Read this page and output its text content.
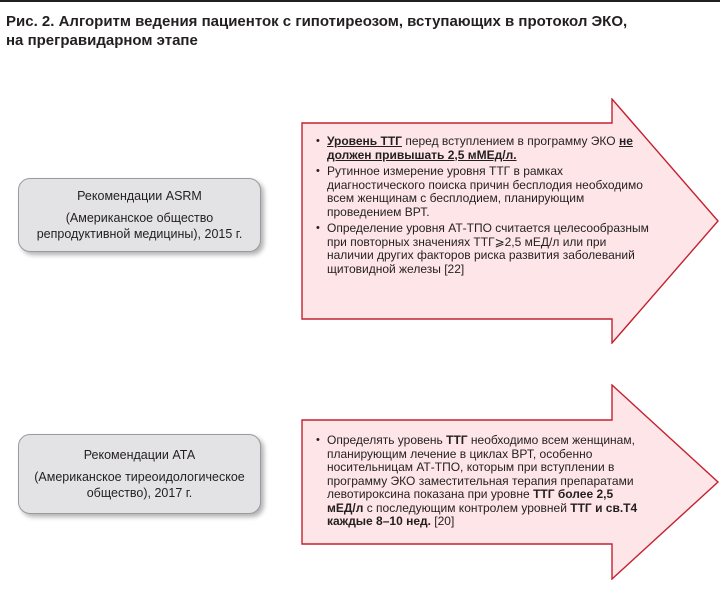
Рис. 2. Алгоритм ведения пациенток с гипотиреозом, вступающих в протокол ЭКО,
на прегравидарном этапе
Рекомендации ASRM
(Американское общество репродуктивной медицины), 2015 г.
• Уровень ТТГ перед вступлением в программу ЭКО не должен привышать 2,5 мМЕд/л.
• Рутинное измерение уровня ТТГ в рамках диагностического поиска причин бесплодия необходимо всем женщинам с бесплодием, планирующим проведением ВРТ.
• Определение уровня АТ-ТПО считается целесообразным при повторных значениях ТТГ⩾2,5 мЕД/л или при наличии других факторов риска развития заболеваний щитовидной железы [22]
Рекомендации АТА
(Американское тиреоидологическое общество), 2017 г.
• Определять уровень ТТГ необходимо всем женщинам, планирующим лечение в циклах ВРТ, особенно носительницам АТ-ТПО, которым при вступлении в программу ЭКО заместительная терапия препаратами левотироксина показана при уровне ТТГ более 2,5 мЕД/л с последующим контролем уровней ТТГ и св.Т4 каждые 8–10 нед. [20]
